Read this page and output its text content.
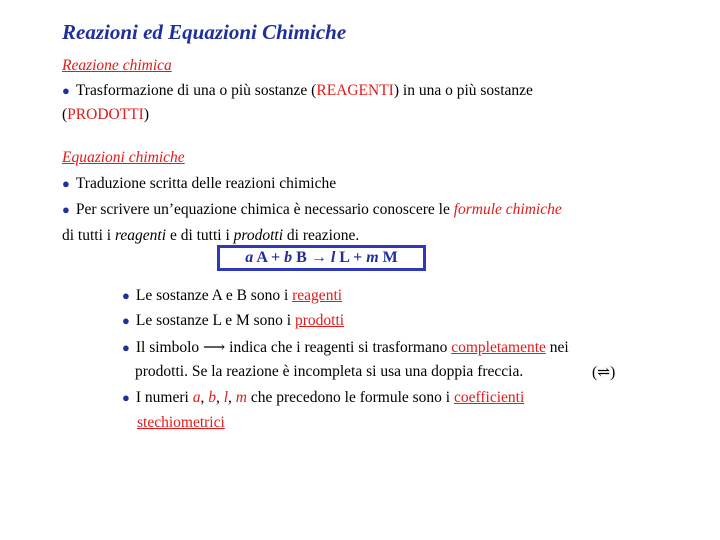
Reazioni ed Equazioni Chimiche
Reazione chimica
● Trasformazione di una o più sostanze (REAGENTI) in una o più sostanze
(PRODOTTI)
Equazioni chimiche
● Traduzione scritta delle reazioni chimiche
● Per scrivere un’equazione chimica è necessario conoscere le formule chimiche
di tutti i reagenti e di tutti i prodotti di reazione.
a A + b B → l L + m M
● Le sostanze A e B sono i reagenti
● Le sostanze L e M sono i prodotti
● Il simbolo ⟶ indica che i reagenti si trasformano completamente nei
prodotti. Se la reazione è incompleta si usa una doppia freccia.	(⇌)
● I numeri a, b, l, m che precedono le formule sono i coefficienti
stechiometrici
